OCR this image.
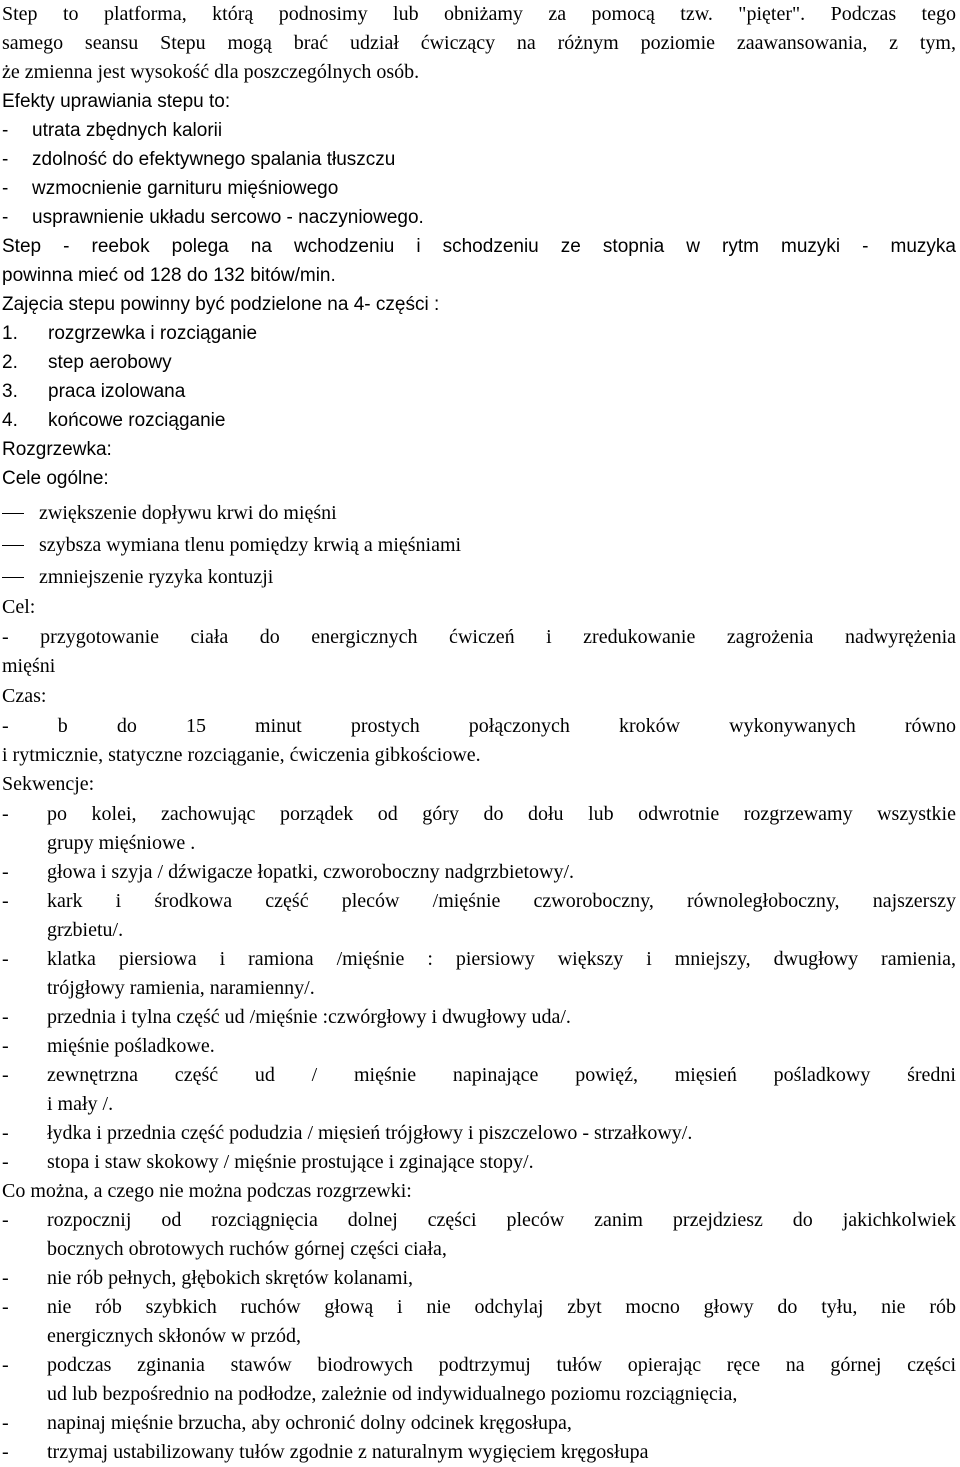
Step to platforma, którą podnosimy lub obniżamy za pomocą tzw. "pięter". Podczas tego

samego seansu Stepu mogą brać udział ćwiczący na różnym poziomie zaawansowania, z tym,

że zmienna jest wysokość dla poszczególnych osób.

Efekty uprawiania stepu to:

- utrata zbędnych kalorii

- zdolność do efektywnego spalania tłuszczu

- wzmocnienie garnituru mięśniowego

- usprawnienie układu sercowo - naczyniowego.

Step - reebok polega na wchodzeniu i schodzeniu ze stopnia w rytm muzyki - muzyka

powinna mieć od 128 do 132 bitów/min.

Zajęcia stepu powinny być podzielone na 4- części :

1. rozgrzewka i rozciąganie

2. step aerobowy

3. praca izolowana

4. końcowe rozciąganie

Rozgrzewka:

Cele ogólne:

zwiększenie dopływu krwi do mięśni

szybsza wymiana tlenu pomiędzy krwią a mięśniami

zmniejszenie ryzyka kontuzji

Cel:

- przygotowanie ciała do energicznych ćwiczeń i zredukowanie zagrożenia nadwyrężenia

mięśni

Czas:

- b do 15 minut prostych połączonych kroków wykonywanych równo

i rytmicznie, statyczne rozciąganie, ćwiczenia gibkościowe.

Sekwencje:

- po kolei, zachowując porządek od góry do dołu lub odwrotnie rozgrzewamy wszystkie

grupy mięśniowe .

- głowa i szyja / dźwigacze łopatki, czworoboczny nadgrzbietowy/.

- kark i środkowa część pleców /mięśnie czworoboczny, równoległoboczny, najszerszy

grzbietu/.

- klatka piersiowa i ramiona /mięśnie : piersiowy większy i mniejszy, dwugłowy ramienia,

trójgłowy ramienia, naramienny/.

- przednia i tylna część ud /mięśnie :czwórgłowy i dwugłowy uda/.

- mięśnie pośladkowe.

- zewnętrzna część ud / mięśnie napinające powięź, mięsień pośladkowy średni

i mały /.

- łydka i przednia część podudzia / mięsień trójgłowy i piszczelowo - strzałkowy/.

- stopa i staw skokowy / mięśnie prostujące i zginające stopy/.

Co można, a czego nie można podczas rozgrzewki:

- rozpocznij od rozciągnięcia dolnej części pleców zanim przejdziesz do jakichkolwiek

bocznych obrotowych ruchów górnej części ciała,

- nie rób pełnych, głębokich skrętów kolanami,

- nie rób szybkich ruchów głową i nie odchylaj zbyt mocno głowy do tyłu, nie rób

energicznych skłonów w przód,

- podczas zginania stawów biodrowych podtrzymuj tułów opierając ręce na górnej części

ud lub bezpośrednio na podłodze, zależnie od indywidualnego poziomu rozciągnięcia,

- napinaj mięśnie brzucha, aby ochronić dolny odcinek kręgosłupa,

- trzymaj ustabilizowany tułów zgodnie z naturalnym wygięciem kręgosłupa
